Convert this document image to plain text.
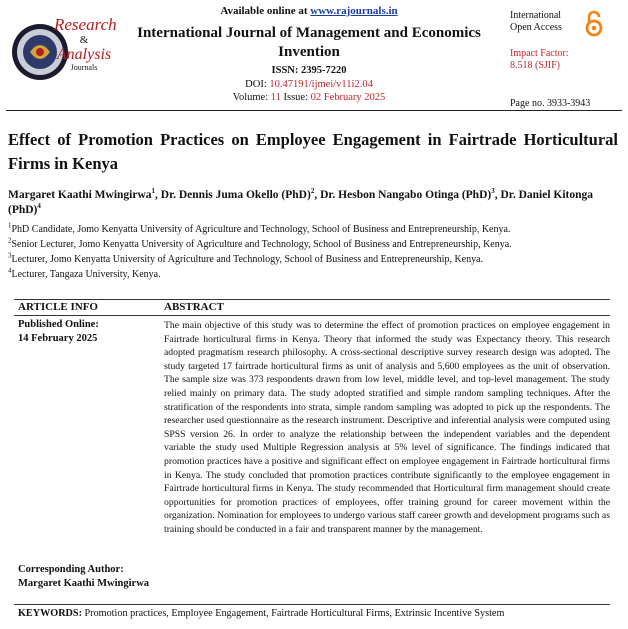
Research
&
Analysis
Journals
Available online at www.rajournals.in
International Journal of Management and Economics Invention
ISSN: 2395-7220
DOI: 10.47191/ijmei/v11i2.04
Volume: 11 Issue: 02 February 2025
International
Open Access
Impact Factor:
8.518 (SJIF)
Page no. 3933-3943
Effect of Promotion Practices on Employee Engagement in Fairtrade Horticultural Firms in Kenya
Margaret Kaathi Mwingirwa$^1$, Dr. Dennis Juma Okello (PhD)$^2$, Dr. Hesbon Nangabo Otinga (PhD)$^3$, Dr. Daniel Kitonga (PhD)$^4$
$^1$PhD Candidate, Jomo Kenyatta University of Agriculture and Technology, School of Business and Entrepreneurship, Kenya.
$^2$Senior Lecturer, Jomo Kenyatta University of Agriculture and Technology, School of Business and Entrepreneurship, Kenya.
$^3$Lecturer, Jomo Kenyatta University of Agriculture and Technology, School of Business and Entrepreneurship, Kenya.
$^4$Lecturer, Tangaza University, Kenya.
ARTICLE INFO	ABSTRACT
Published Online:
14 February 2025
The main objective of this study was to determine the effect of promotion practices on employee engagement in Fairtrade horticultural firms in Kenya. Theory that informed the study was Expectancy theory. This research adopted pragmatism research philosophy. A cross-sectional descriptive survey research design was adopted. The study targeted 17 fairtrade horticultural firms as unit of analysis and 5,600 employees as the unit of observation. The sample size was 373 respondents drawn from low level, middle level, and top-level management. The study relied mainly on primary data. The study adopted stratified and simple random sampling techniques. After the stratification of the respondents into strata, simple random sampling was adopted to pick up the respondents. The researcher used questionnaire as the research instrument. Descriptive and inferential analysis were computed using SPSS version 26. In order to analyze the relationship between the independent variables and the dependent variable the study used Multiple Regression analysis at 5% level of significance. The findings indicated that promotion practices have a positive and significant effect on employee engagement in Fairtrade horticultural firms in Kenya. The study concluded that promotion practices contribute significantly to the employee engagement in Fairtrade horticultural firms in Kenya. The study recommended that Horticultural firm management should create opportunities for promotion practices of employees, offer training ground for career movement within the organization. Nomination for employees to undergo various staff career growth and development programs such as training should be conducted in a fair and transparent manner by the management.
Corresponding Author:
Margaret Kaathi Mwingirwa
KEYWORDS: Promotion practices, Employee Engagement, Fairtrade Horticultural Firms, Extrinsic Incentive System
